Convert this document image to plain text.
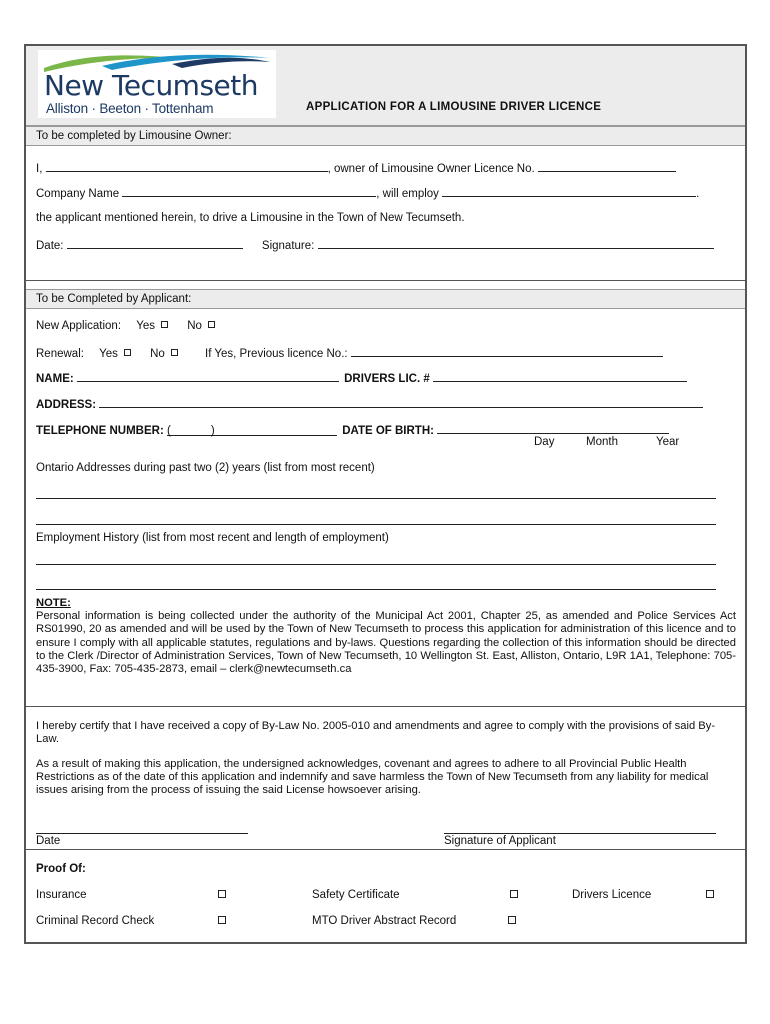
New Tecumseth
Alliston · Beeton · Tottenham	APPLICATION FOR A LIMOUSINE DRIVER LICENCE
To be completed by Limousine Owner:
I,	, owner of Limousine Owner Licence No.
Company Name	, will employ	.
the applicant mentioned herein, to drive a Limousine in the Town of New Tecumseth.
Date:	Signature:
To be Completed by Applicant:
New Application: Yes	No
Renewal: Yes	No	If Yes, Previous licence No.:
NAME:	DRIVERS LIC. #
ADDRESS:
TELEPHONE NUMBER: (	)	DATE OF BIRTH:
Day	Month	Year
Ontario Addresses during past two (2) years (list from most recent)
Employment History (list from most recent and length of employment)
NOTE:
Personal information is being collected under the authority of the Municipal Act 2001, Chapter 25, as amended and Police Services Act RS01990, 20 as amended and will be used by the Town of New Tecumseth to process this application for administration of this licence and to ensure I comply with all applicable statutes, regulations and by-laws. Questions regarding the collection of this information should be directed to the Clerk /Director of Administration Services, Town of New Tecumseth, 10 Wellington St. East, Alliston, Ontario, L9R 1A1, Telephone: 705-435-3900, Fax: 705-435-2873, email – clerk@newtecumseth.ca
I hereby certify that I have received a copy of By-Law No. 2005-010 and amendments and agree to comply with the provisions of said By-Law.
As a result of making this application, the undersigned acknowledges, covenant and agrees to adhere to all Provincial Public Health Restrictions as of the date of this application and indemnify and save harmless the Town of New Tecumseth from any liability for medical issues arising from the process of issuing the said License howsoever arising.
Date	Signature of Applicant
Proof Of:
Insurance	Safety Certificate	Drivers Licence
Criminal Record Check	MTO Driver Abstract Record
